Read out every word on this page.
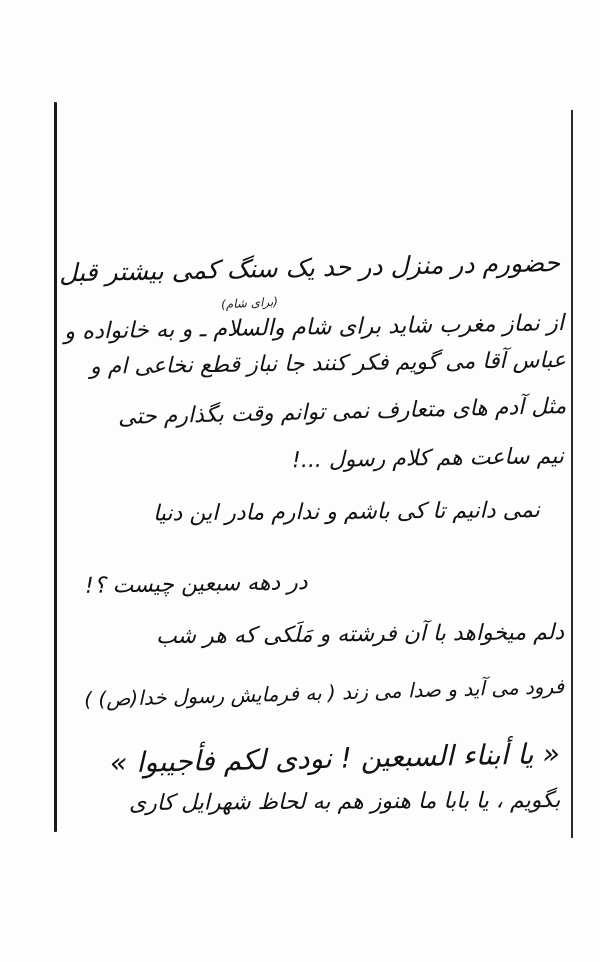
حضورم در منزل در حد یک سنگ کمی بیشتر قبل
(برای شام)
از نماز مغرب شاید برای شام والسلام ـ و به خانواده و
عباس آقا می گویم فکر کنند جا نباز قطع نخاعی ام و
مثل آدم های متعارف نمی توانم وقت بگذارم حتی
نیم ساعت هم کلام رسول ...!
نمی دانیم تا کی باشم و ندارم مادر این دنیا
در دهه سبعین چیست ؟!
دلم میخواهد با آن فرشته و مَلَکی که هر شب
فرود می آید و صدا می زند ( به فرمایش رسول خدا(ص) )
« یا أبناء السبعین ! نودی لکم فأجیبوا »
بگویم ، یا بابا ما هنوز هم به لحاظ شهرایل کاری
